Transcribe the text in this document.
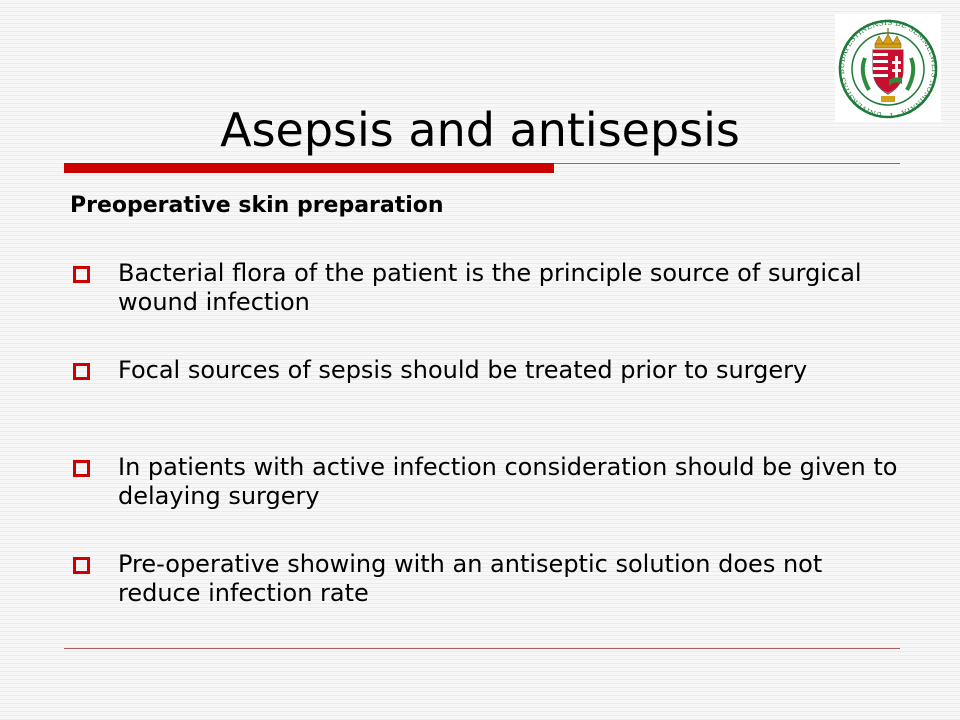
UNIVERSITAS BUDAPESTINENSIS DE SEMMELWEIS NOMINATA · 1
Asepsis and antisepsis
Preoperative skin preparation
Bacterial flora of the patient is the principle source of surgical wound infection
Focal sources of sepsis should be treated prior to surgery
In patients with active infection consideration should be given to delaying surgery
Pre-operative showing with an antiseptic solution does not reduce infection rate
